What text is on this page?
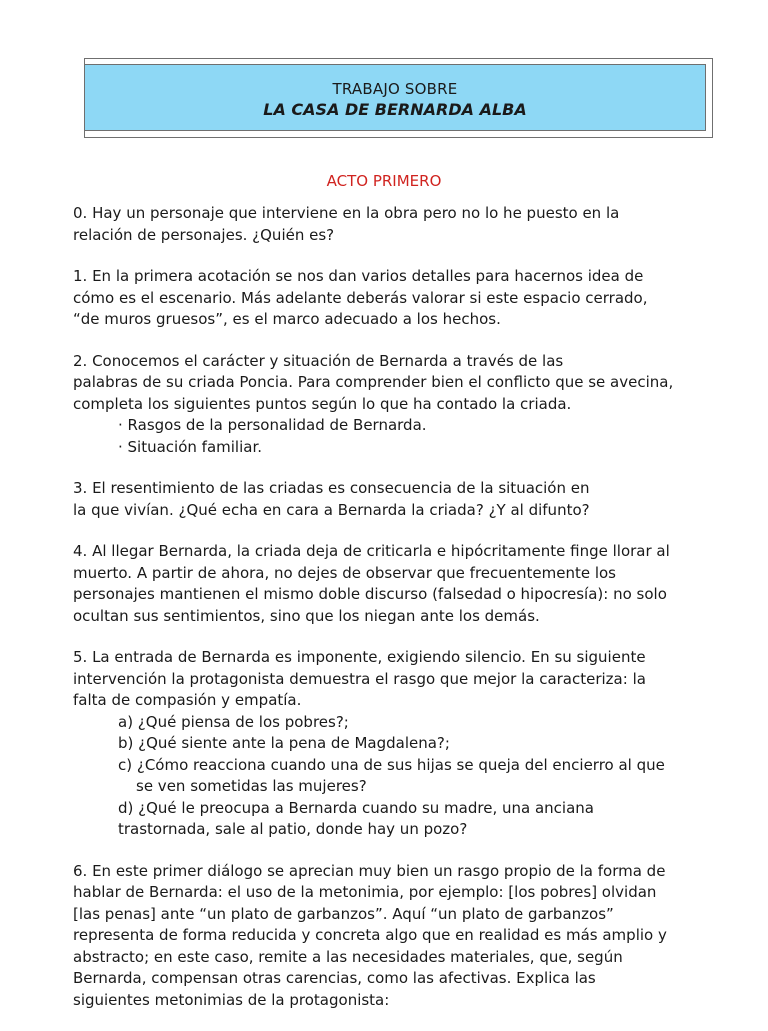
TRABAJO SOBRE
LA CASA DE BERNARDA ALBA
ACTO PRIMERO
0. Hay un personaje que interviene en la obra pero no lo he puesto en la
relación de personajes. ¿Quién es?
1. En la primera acotación se nos dan varios detalles para hacernos idea de
cómo es el escenario. Más adelante deberás valorar si este espacio cerrado,
“de muros gruesos”, es el marco adecuado a los hechos.
2. Conocemos el carácter y situación de Bernarda a través de las
palabras de su criada Poncia. Para comprender bien el conflicto que se avecina,
completa los siguientes puntos según lo que ha contado la criada.
· Rasgos de la personalidad de Bernarda.
· Situación familiar.
3. El resentimiento de las criadas es consecuencia de la situación en
la que vivían. ¿Qué echa en cara a Bernarda la criada? ¿Y al difunto?
4. Al llegar Bernarda, la criada deja de criticarla e hipócritamente finge llorar al
muerto. A partir de ahora, no dejes de observar que frecuentemente los
personajes mantienen el mismo doble discurso (falsedad o hipocresía): no solo
ocultan sus sentimientos, sino que los niegan ante los demás.
5. La entrada de Bernarda es imponente, exigiendo silencio. En su siguiente
intervención la protagonista demuestra el rasgo que mejor la caracteriza: la
falta de compasión y empatía.
a) ¿Qué piensa de los pobres?;
b) ¿Qué siente ante la pena de Magdalena?;
c) ¿Cómo reacciona cuando una de sus hijas se queja del encierro al que
se ven sometidas las mujeres?
d) ¿Qué le preocupa a Bernarda cuando su madre, una anciana
trastornada, sale al patio, donde hay un pozo?
6. En este primer diálogo se aprecian muy bien un rasgo propio de la forma de
hablar de Bernarda: el uso de la metonimia, por ejemplo: [los pobres] olvidan
[las penas] ante “un plato de garbanzos”. Aquí “un plato de garbanzos”
representa de forma reducida y concreta algo que en realidad es más amplio y
abstracto; en este caso, remite a las necesidades materiales, que, según
Bernarda, compensan otras carencias, como las afectivas. Explica las
siguientes metonimias de la protagonista:
